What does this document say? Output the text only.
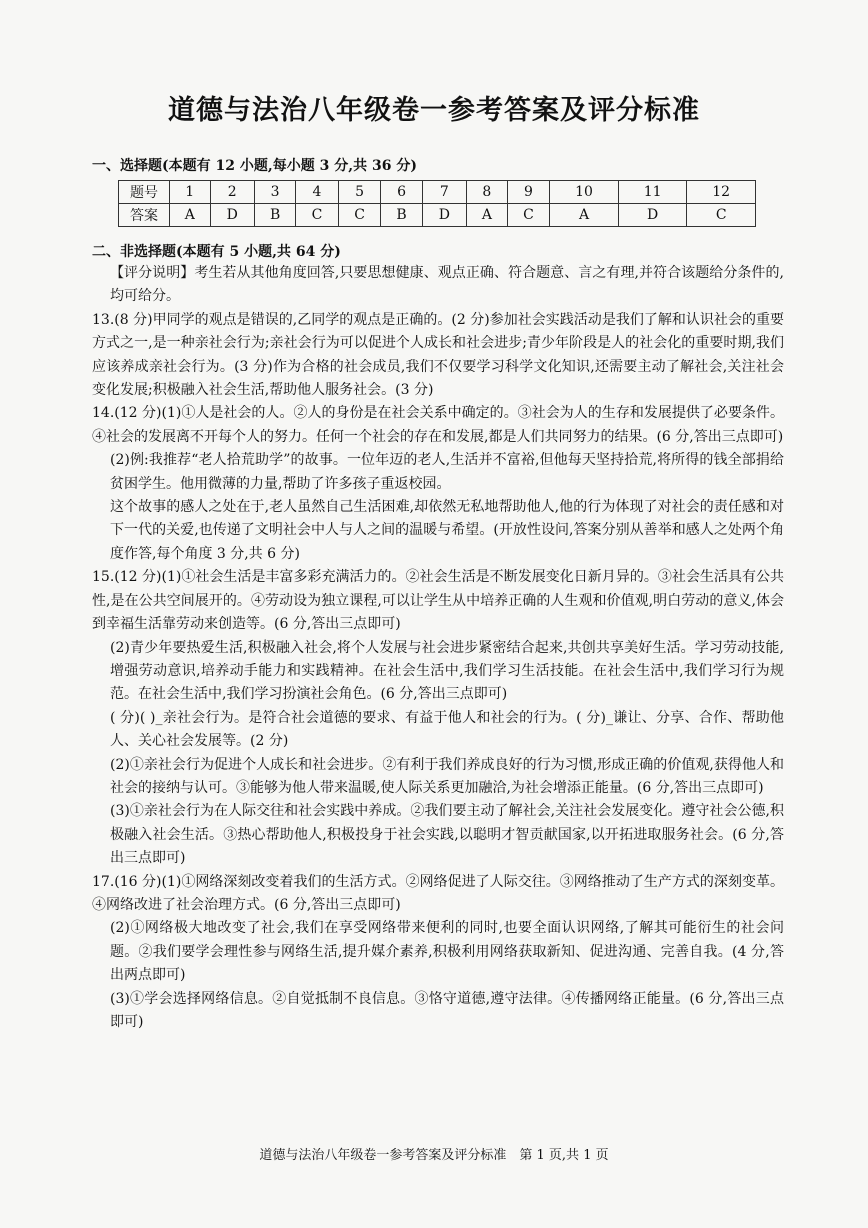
道德与法治八年级卷一参考答案及评分标准
一、选择题(本题有 12 小题,每小题 3 分,共 36 分)
题号	1	2	3	4	5	6	7	8	9	10	11	12
答案	A	D	B	C	C	B	D	A	C	A	D	C
二、非选择题(本题有 5 小题,共 64 分)

【评分说明】考生若从其他角度回答,只要思想健康、观点正确、符合题意、言之有理,并符合该题给分条件的,均可给分。

13.(8 分)甲同学的观点是错误的,乙同学的观点是正确的。(2 分)参加社会实践活动是我们了解和认识社会的重要方式之一,是一种亲社会行为;亲社会行为可以促进个人成长和社会进步;青少年阶段是人的社会化的重要时期,我们应该养成亲社会行为。(3 分)作为合格的社会成员,我们不仅要学习科学文化知识,还需要主动了解社会,关注社会变化发展;积极融入社会生活,帮助他人服务社会。(3 分)

14.(12 分)(1)①人是社会的人。②人的身份是在社会关系中确定的。③社会为人的生存和发展提供了必要条件。④社会的发展离不开每个人的努力。任何一个社会的存在和发展,都是人们共同努力的结果。(6 分,答出三点即可)

(2)例:我推荐“老人拾荒助学”的故事。一位年迈的老人,生活并不富裕,但他每天坚持拾荒,将所得的钱全部捐给贫困学生。他用微薄的力量,帮助了许多孩子重返校园。

这个故事的感人之处在于,老人虽然自己生活困难,却依然无私地帮助他人,他的行为体现了对社会的责任感和对下一代的关爱,也传递了文明社会中人与人之间的温暖与希望。(开放性设问,答案分别从善举和感人之处两个角度作答,每个角度 3 分,共 6 分)

15.(12 分)(1)①社会生活是丰富多彩充满活力的。②社会生活是不断发展变化日新月异的。③社会生活具有公共性,是在公共空间展开的。④劳动设为独立课程,可以让学生从中培养正确的人生观和价值观,明白劳动的意义,体会到幸福生活靠劳动来创造等。(6 分,答出三点即可)

(2)青少年要热爱生活,积极融入社会,将个人发展与社会进步紧密结合起来,共创共享美好生活。学习劳动技能,增强劳动意识,培养动手能力和实践精神。在社会生活中,我们学习生活技能。在社会生活中,我们学习行为规范。在社会生活中,我们学习扮演社会角色。(6 分,答出三点即可)

( 分)( )_亲社会行为。是符合社会道德的要求、有益于他人和社会的行为。( 分)_谦让、分享、合作、帮助他人、关心社会发展等。(2 分)

(2)①亲社会行为促进个人成长和社会进步。②有利于我们养成良好的行为习惯,形成正确的价值观,获得他人和社会的接纳与认可。③能够为他人带来温暖,使人际关系更加融洽,为社会增添正能量。(6 分,答出三点即可)

(3)①亲社会行为在人际交往和社会实践中养成。②我们要主动了解社会,关注社会发展变化。遵守社会公德,积极融入社会生活。③热心帮助他人,积极投身于社会实践,以聪明才智贡献国家,以开拓进取服务社会。(6 分,答出三点即可)

17.(16 分)(1)①网络深刻改变着我们的生活方式。②网络促进了人际交往。③网络推动了生产方式的深刻变革。④网络改进了社会治理方式。(6 分,答出三点即可)

(2)①网络极大地改变了社会,我们在享受网络带来便利的同时,也要全面认识网络,了解其可能衍生的社会问题。②我们要学会理性参与网络生活,提升媒介素养,积极利用网络获取新知、促进沟通、完善自我。(4 分,答出两点即可)

(3)①学会选择网络信息。②自觉抵制不良信息。③恪守道德,遵守法律。④传播网络正能量。(6 分,答出三点即可)

道德与法治八年级卷一参考答案及评分标准　第 1 页,共 1 页
